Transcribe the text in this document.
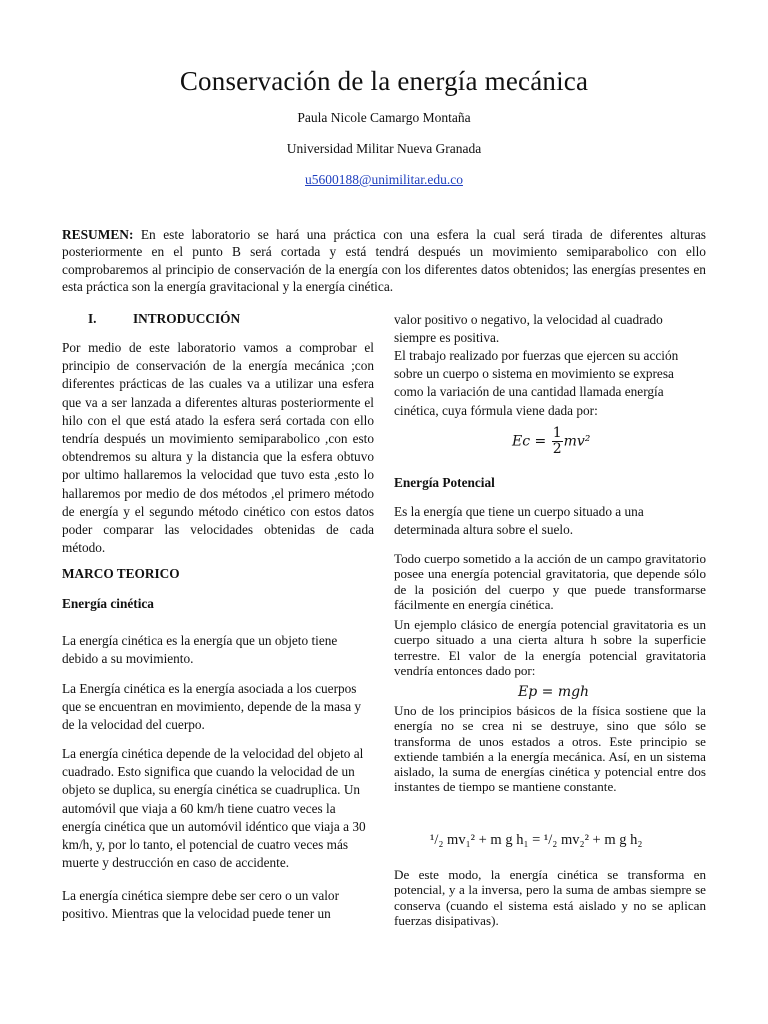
Conservación de la energía mecánica
Paula Nicole Camargo Montaña
Universidad Militar Nueva Granada
u5600188@unimilitar.edu.co
RESUMEN: En este laboratorio se hará una práctica con una esfera la cual será tirada de diferentes alturas posteriormente en el punto B será cortada y está tendrá después un movimiento semiparabolico con ello comprobaremos al principio de conservación de la energía con los diferentes datos obtenidos; las energías presentes en esta práctica son la energía gravitacional y la energía cinética.
I.	INTRODUCCIÓN
Por medio de este laboratorio vamos a comprobar el principio de conservación de la energía mecánica ;con diferentes prácticas de las cuales va a utilizar una esfera que va a ser lanzada a diferentes alturas posteriormente el hilo con el que está atado la esfera será cortada con ello tendría después un movimiento semiparabolico ,con esto obtendremos su altura y la distancia que la esfera obtuvo por ultimo hallaremos la velocidad que tuvo esta ,esto lo hallaremos por medio de dos métodos ,el primero método de energía y el segundo método cinético con estos datos poder comparar las velocidades obtenidas de cada método.
MARCO TEORICO
Energía cinética
La energía cinética es la energía que un objeto tiene debido a su movimiento.
La Energía cinética es la energía asociada a los cuerpos que se encuentran en movimiento, depende de la masa y de la velocidad del cuerpo.
La energía cinética depende de la velocidad del objeto al cuadrado. Esto significa que cuando la velocidad de un objeto se duplica, su energía cinética se cuadruplica. Un automóvil que viaja a 60 km/h tiene cuatro veces la energía cinética que un automóvil idéntico que viaja a 30 km/h, y, por lo tanto, el potencial de cuatro veces más muerte y destrucción en caso de accidente.
La energía cinética siempre debe ser cero o un valor positivo. Mientras que la velocidad puede tener un
valor positivo o negativo, la velocidad al cuadrado siempre es positiva.
El trabajo realizado por fuerzas que ejercen su acción sobre un cuerpo o sistema en movimiento se expresa como la variación de una cantidad llamada energía cinética, cuya fórmula viene dada por:
$Ec = \frac{1}{2} mv^2$
Energía Potencial
Es la energía que tiene un cuerpo situado a una determinada altura sobre el suelo.
Todo cuerpo sometido a la acción de un campo gravitatorio posee una energía potencial gravitatoria, que depende sólo de la posición del cuerpo y que puede transformarse fácilmente en energía cinética.
Un ejemplo clásico de energía potencial gravitatoria es un cuerpo situado a una cierta altura h sobre la superficie terrestre. El valor de la energía potencial gravitatoria vendría entonces dado por:
Ep = mgh
Uno de los principios básicos de la física sostiene que la energía no se crea ni se destruye, sino que sólo se transforma de unos estados a otros. Este principio se extiende también a la energía mecánica. Así, en un sistema aislado, la suma de energías cinética y potencial entre dos instantes de tiempo se mantiene constante.
¹/₂ mv₁² + m g h₁ = ¹/₂ mv₂² + m g h₂
De este modo, la energía cinética se transforma en potencial, y a la inversa, pero la suma de ambas siempre se conserva (cuando el sistema está aislado y no se aplican fuerzas disipativas).
